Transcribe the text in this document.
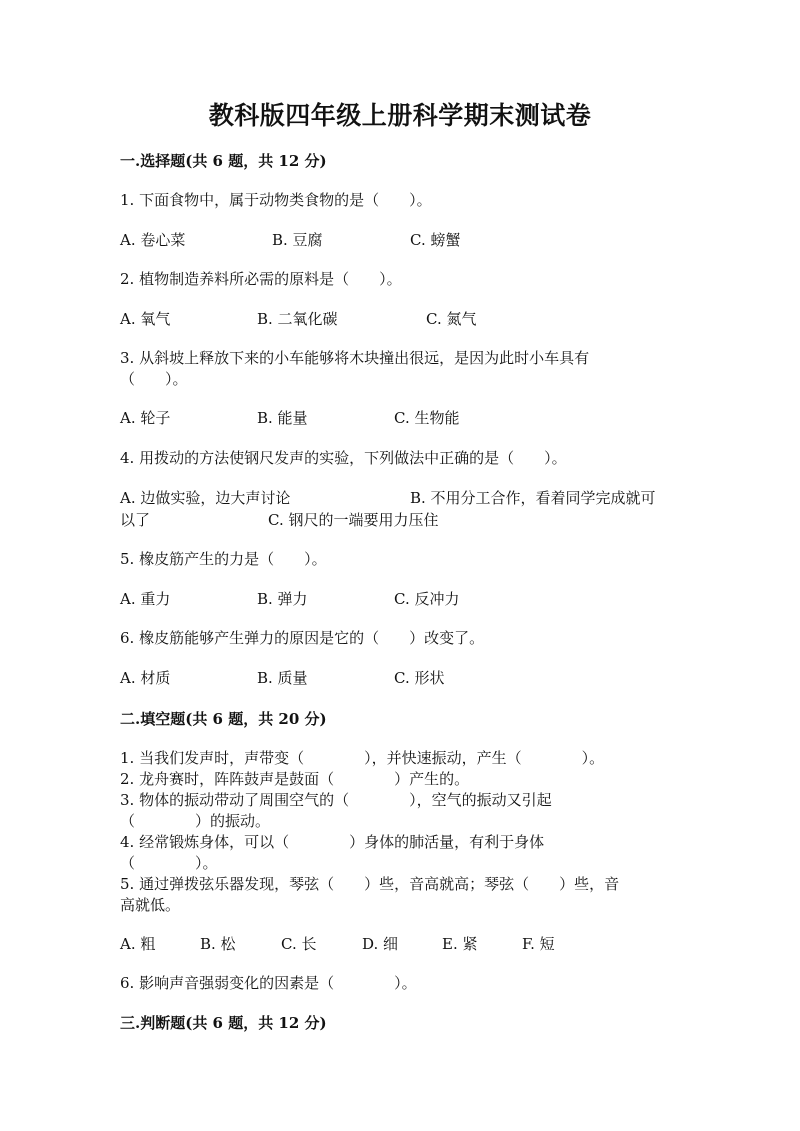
教科版四年级上册科学期末测试卷
一.选择题(共 6 题，共 12 分)
1. 下面食物中，属于动物类食物的是（　　）。
A. 卷心菜	B. 豆腐	C. 螃蟹
2. 植物制造养料所必需的原料是（　　）。
A. 氧气	B. 二氧化碳	C. 氮气
3. 从斜坡上释放下来的小车能够将木块撞出很远，是因为此时小车具有
（　　）。
A. 轮子	B. 能量	C. 生物能
4. 用拨动的方法使钢尺发声的实验，下列做法中正确的是（　　）。
A. 边做实验，边大声讨论	B. 不用分工合作，看着同学完成就可
以了	C. 钢尺的一端要用力压住
5. 橡皮筋产生的力是（　　）。
A. 重力	B. 弹力	C. 反冲力
6. 橡皮筋能够产生弹力的原因是它的（　　）改变了。
A. 材质	B. 质量	C. 形状
二.填空题(共 6 题，共 20 分)
1. 当我们发声时，声带变（　　　　），并快速振动，产生（　　　　）。
2. 龙舟赛时，阵阵鼓声是鼓面（　　　　）产生的。
3. 物体的振动带动了周围空气的（　　　　），空气的振动又引起
（　　　　）的振动。
4. 经常锻炼身体，可以（　　　　）身体的肺活量，有利于身体
（　　　　）。
5. 通过弹拨弦乐器发现，琴弦（　　）些，音高就高；琴弦（　　）些，音
高就低。
A. 粗	B. 松	C. 长	D. 细	E. 紧	F. 短
6. 影响声音强弱变化的因素是（　　　　）。
三.判断题(共 6 题，共 12 分)
